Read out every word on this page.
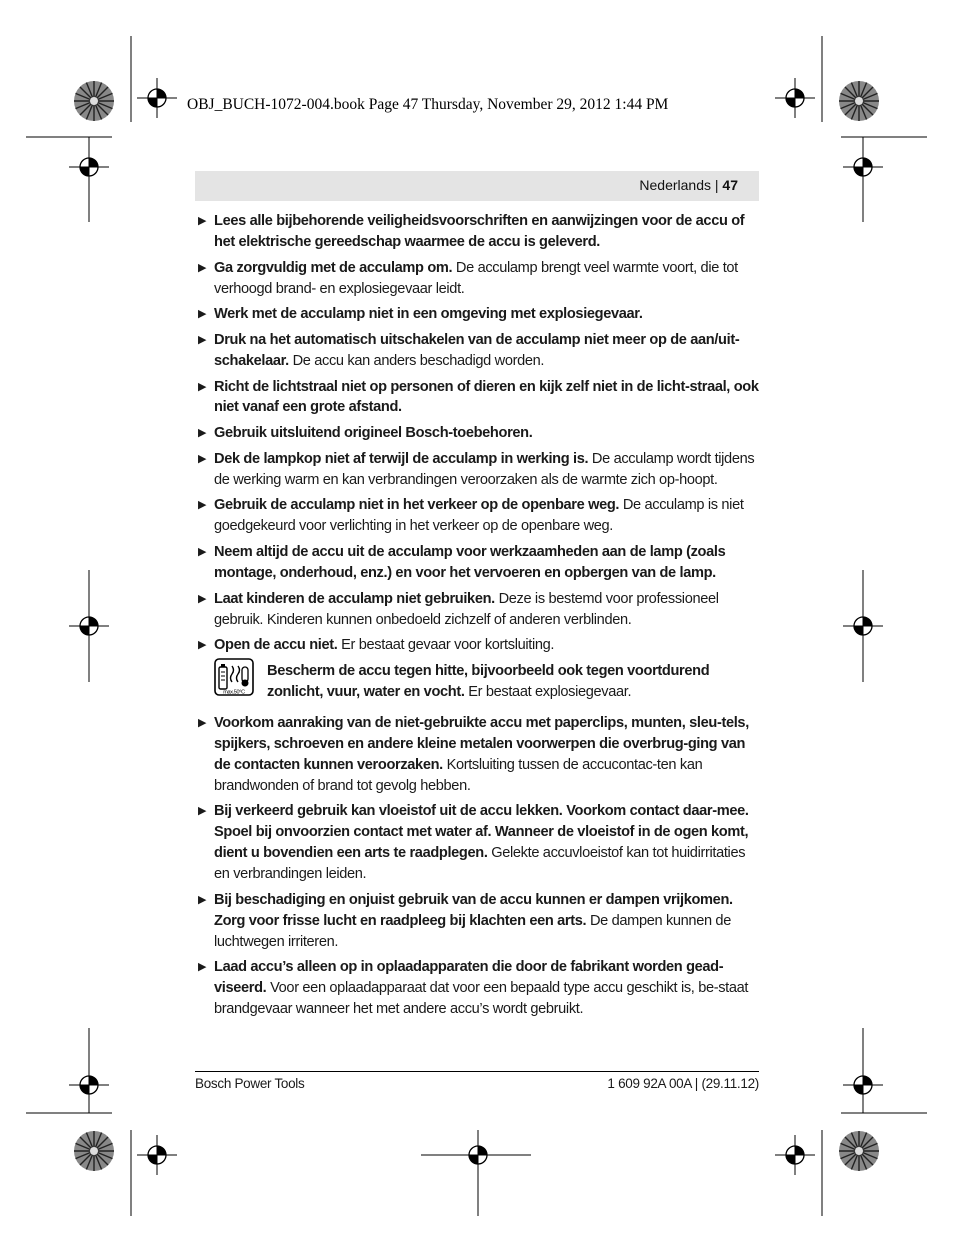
OBJ_BUCH-1072-004.book Page 47 Thursday, November 29, 2012 1:44 PM
Nederlands | 47
▶ Lees alle bijbehorende veiligheidsvoorschriften en aanwijzingen voor de accu of het elektrische gereedschap waarmee de accu is geleverd.
▶ Ga zorgvuldig met de acculamp om. De acculamp brengt veel warmte voort, die tot verhoogd brand- en explosiegevaar leidt.
▶ Werk met de acculamp niet in een omgeving met explosiegevaar.
▶ Druk na het automatisch uitschakelen van de acculamp niet meer op de aan/uit-schakelaar. De accu kan anders beschadigd worden.
▶ Richt de lichtstraal niet op personen of dieren en kijk zelf niet in de licht-straal, ook niet vanaf een grote afstand.
▶ Gebruik uitsluitend origineel Bosch-toebehoren.
▶ Dek de lampkop niet af terwijl de acculamp in werking is. De acculamp wordt tijdens de werking warm en kan verbrandingen veroorzaken als de warmte zich op-hoopt.
▶ Gebruik de acculamp niet in het verkeer op de openbare weg. De acculamp is niet goedgekeurd voor verlichting in het verkeer op de openbare weg.
▶ Neem altijd de accu uit de acculamp voor werkzaamheden aan de lamp (zoals montage, onderhoud, enz.) en voor het vervoeren en opbergen van de lamp.
▶ Laat kinderen de acculamp niet gebruiken. Deze is bestemd voor professioneel gebruik. Kinderen kunnen onbedoeld zichzelf of anderen verblinden.
▶ Open de accu niet. Er bestaat gevaar voor kortsluiting.
max.50°C
Bescherm de accu tegen hitte, bijvoorbeeld ook tegen voortdurend zonlicht, vuur, water en vocht. Er bestaat explosiegevaar.
▶ Voorkom aanraking van de niet-gebruikte accu met paperclips, munten, sleu-tels, spijkers, schroeven en andere kleine metalen voorwerpen die overbrug-ging van de contacten kunnen veroorzaken. Kortsluiting tussen de accucontac-ten kan brandwonden of brand tot gevolg hebben.
▶ Bij verkeerd gebruik kan vloeistof uit de accu lekken. Voorkom contact daar-mee. Spoel bij onvoorzien contact met water af. Wanneer de vloeistof in de ogen komt, dient u bovendien een arts te raadplegen. Gelekte accuvloeistof kan tot huidirritaties en verbrandingen leiden.
▶ Bij beschadiging en onjuist gebruik van de accu kunnen er dampen vrijkomen. Zorg voor frisse lucht en raadpleeg bij klachten een arts. De dampen kunnen de luchtwegen irriteren.
▶ Laad accu’s alleen op in oplaadapparaten die door de fabrikant worden gead-viseerd. Voor een oplaadapparaat dat voor een bepaald type accu geschikt is, be-staat brandgevaar wanneer het met andere accu’s wordt gebruikt.
Bosch Power Tools	1 609 92A 00A | (29.11.12)
